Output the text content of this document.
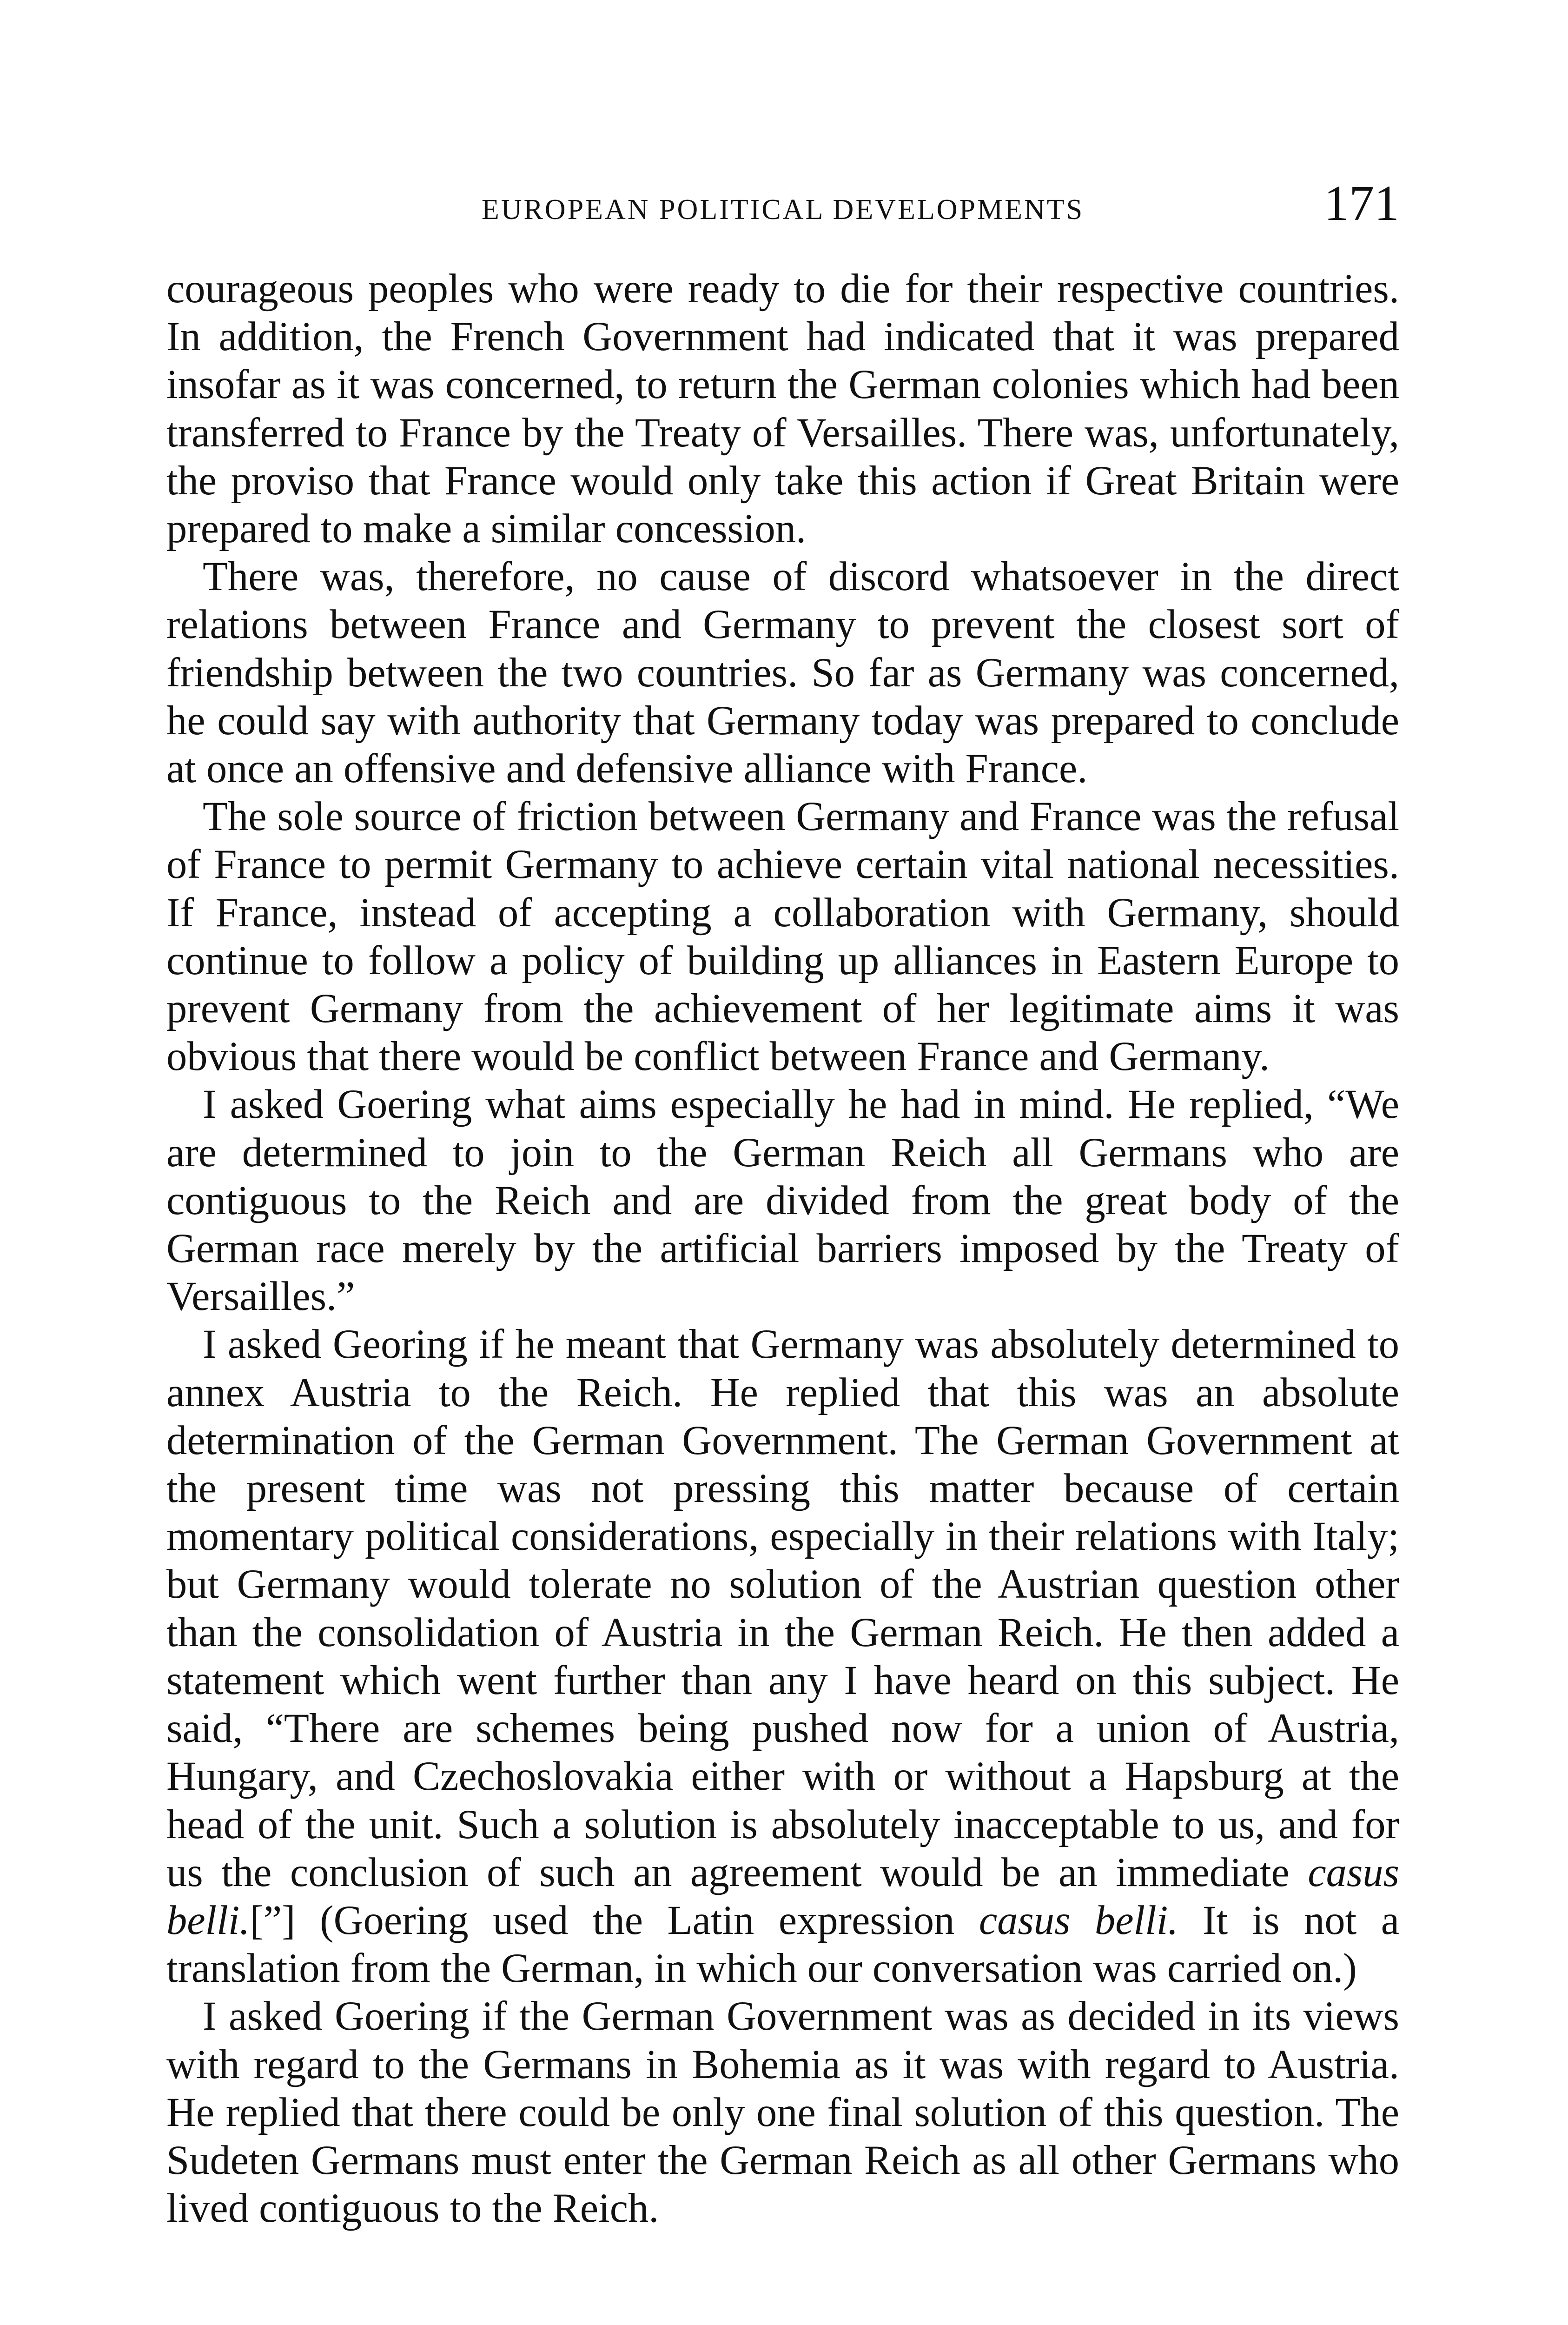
EUROPEAN POLITICAL DEVELOPMENTS	171

courageous peoples who were ready to die for their respective countries. In addition, the French Government had indicated that it was prepared insofar as it was concerned, to return the German colonies which had been transferred to France by the Treaty of Versailles. There was, unfortunately, the proviso that France would only take this action if Great Britain were prepared to make a similar concession.

There was, therefore, no cause of discord whatsoever in the direct relations between France and Germany to prevent the closest sort of friendship between the two countries. So far as Germany was concerned, he could say with authority that Germany today was prepared to conclude at once an offensive and defensive alliance with France.

The sole source of friction between Germany and France was the refusal of France to permit Germany to achieve certain vital national necessities. If France, instead of accepting a collaboration with Germany, should continue to follow a policy of building up alliances in Eastern Europe to prevent Germany from the achievement of her legitimate aims it was obvious that there would be conflict between France and Germany.

I asked Goering what aims especially he had in mind. He replied, “We are determined to join to the German Reich all Germans who are contiguous to the Reich and are divided from the great body of the German race merely by the artificial barriers imposed by the Treaty of Versailles.”

I asked Georing if he meant that Germany was absolutely determined to annex Austria to the Reich. He replied that this was an absolute determination of the German Government. The German Government at the present time was not pressing this matter because of certain momentary political considerations, especially in their relations with Italy; but Germany would tolerate no solution of the Austrian question other than the consolidation of Austria in the German Reich. He then added a statement which went further than any I have heard on this subject. He said, “There are schemes being pushed now for a union of Austria, Hungary, and Czechoslovakia either with or without a Hapsburg at the head of the unit. Such a solution is absolutely inacceptable to us, and for us the conclusion of such an agreement would be an immediate casus belli.[”] (Goering used the Latin expression casus belli. It is not a translation from the German, in which our conversation was carried on.)

I asked Goering if the German Government was as decided in its views with regard to the Germans in Bohemia as it was with regard to Austria. He replied that there could be only one final solution of this question. The Sudeten Germans must enter the German Reich as all other Germans who lived contiguous to the Reich.
